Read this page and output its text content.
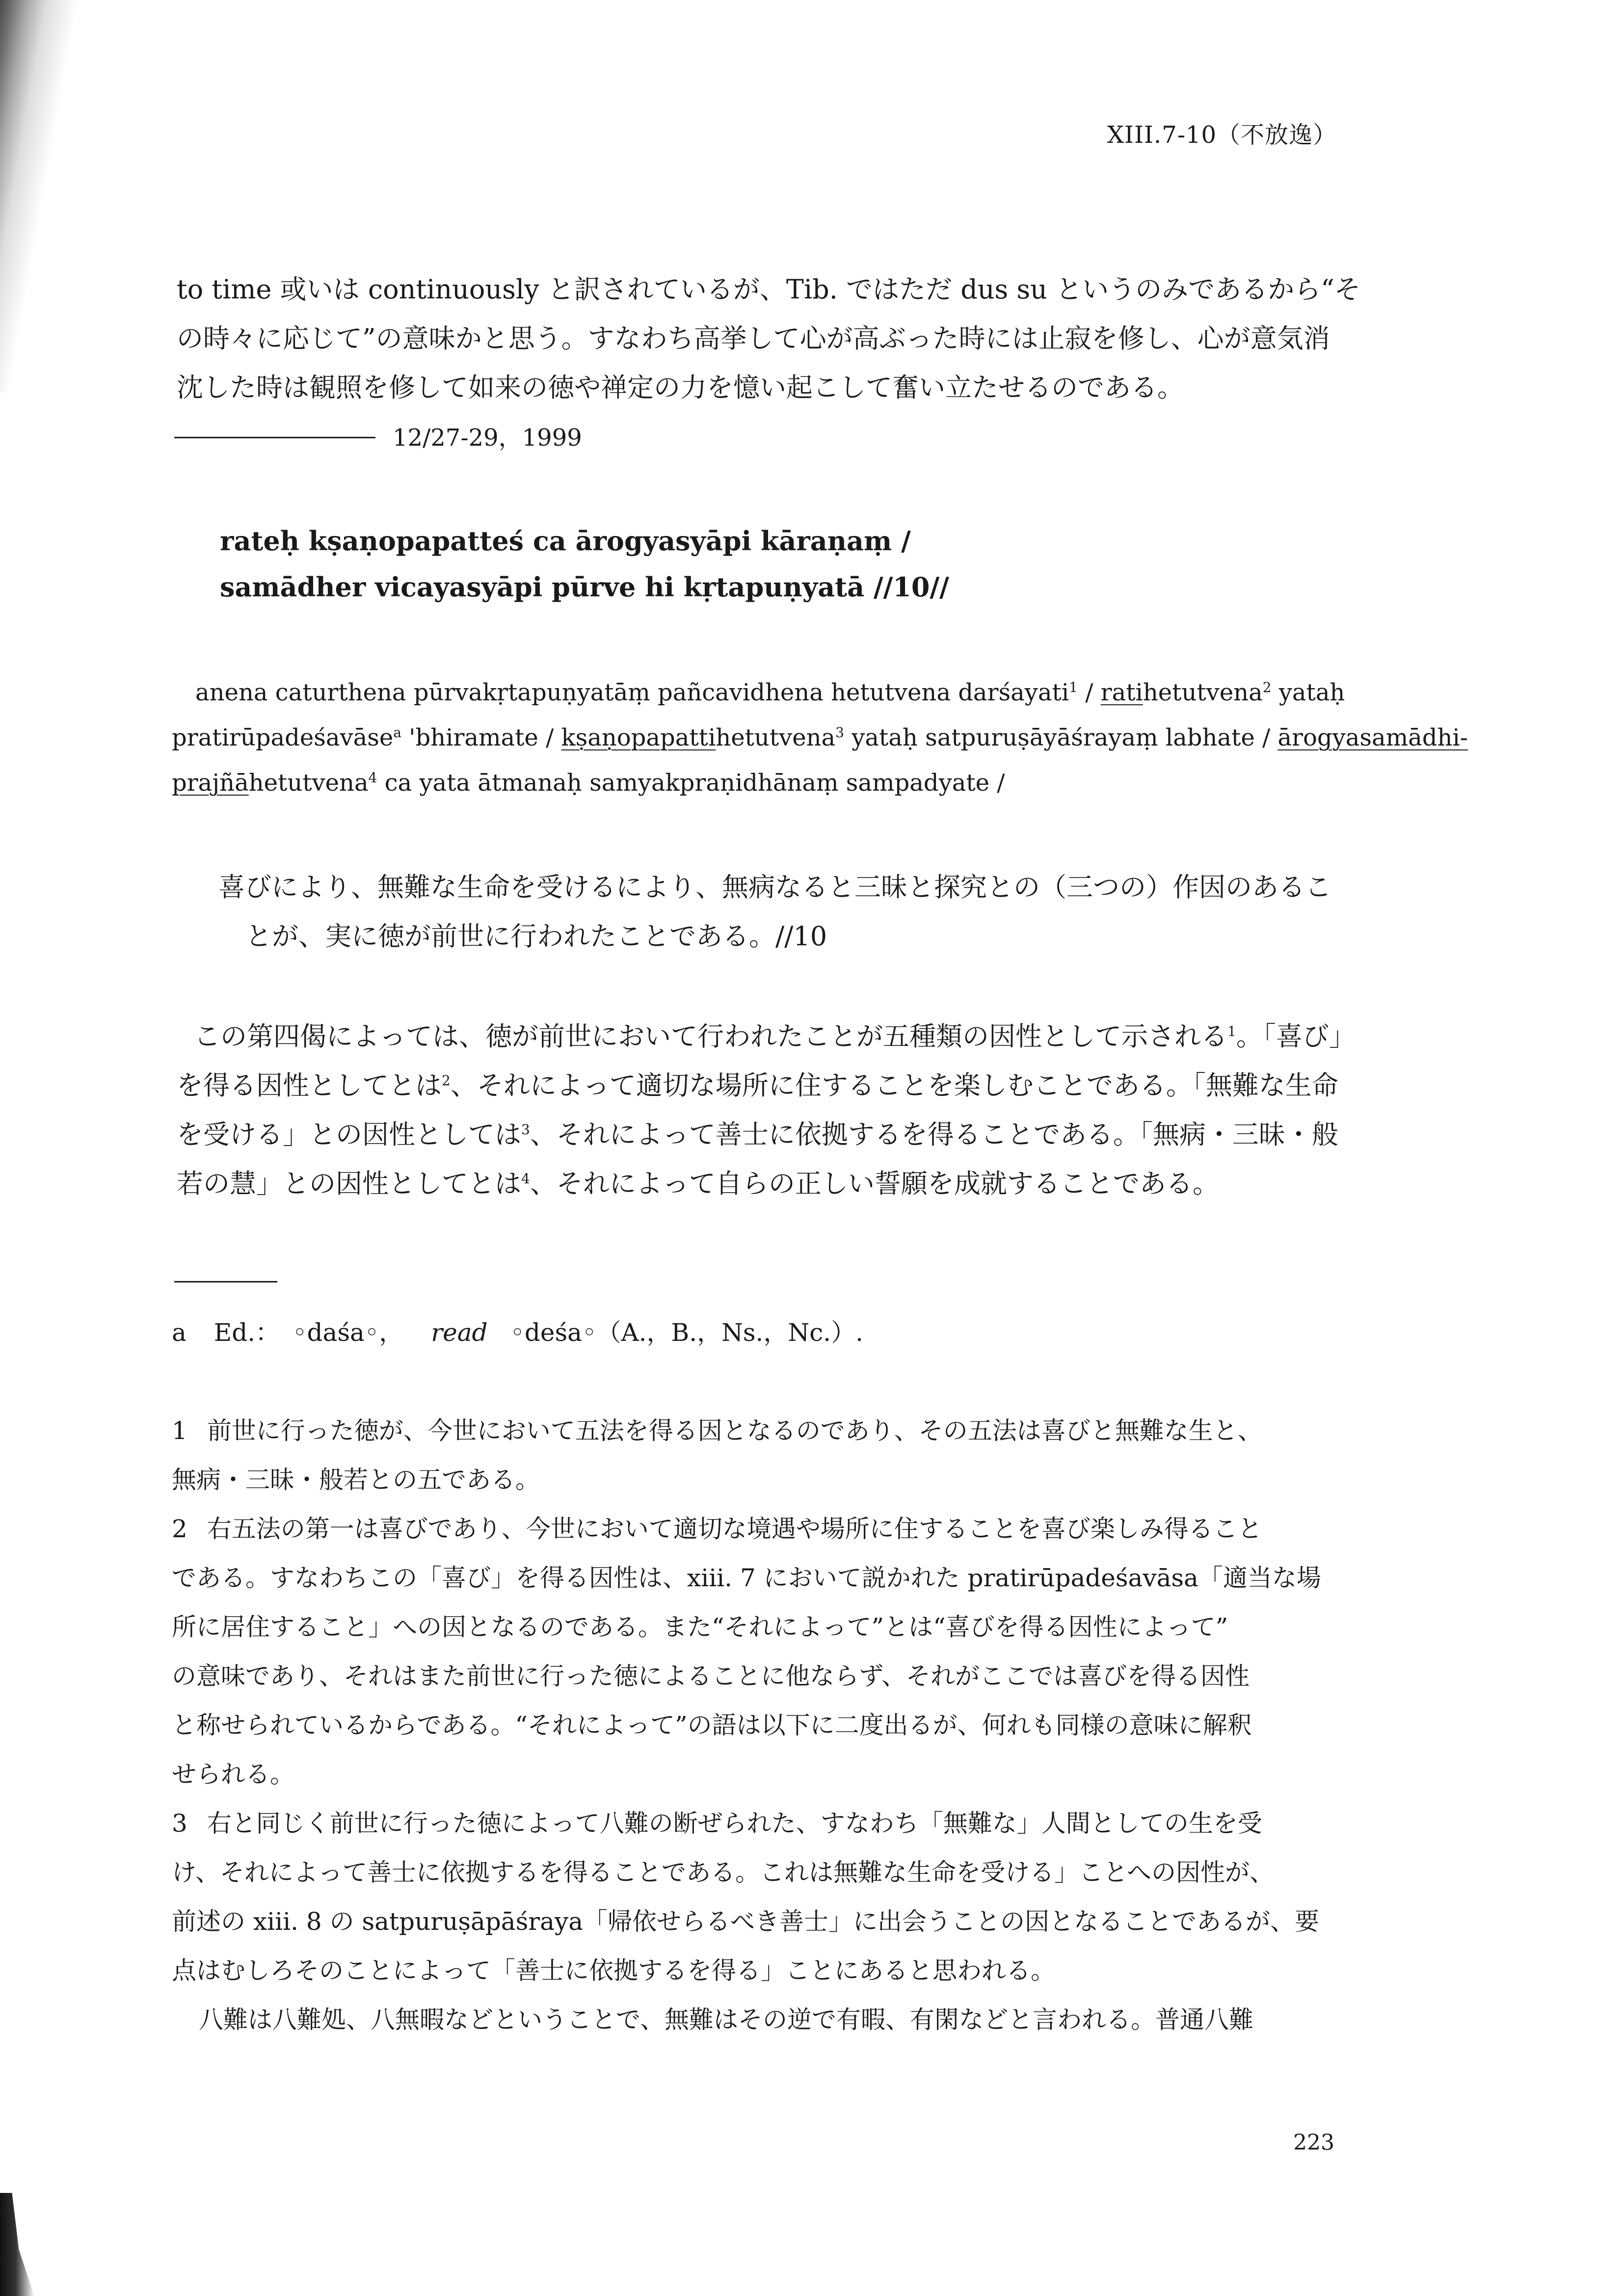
XIII.7-10（不放逸）
to time 或いは continuously と訳されているが、Tib. ではただ dus su というのみであるから“そ
の時々に応じて”の意味かと思う。すなわち高挙して心が高ぶった時には止寂を修し、心が意気消
沈した時は観照を修して如来の徳や禅定の力を憶い起こして奮い立たせるのである。
12/27-29，1999
rateḥ kṣaṇopapatteś ca ārogyasyāpi kāraṇaṃ /
samādher vicayasyāpi pūrve hi kṛtapuṇyatā //10//
anena caturthena pūrvakṛtapuṇyatāṃ pañcavidhena hetutvena darśayati$^1$ / ratihetutvena$^2$ yataḥ
pratirūpadeśavāse$^a$ 'bhiramate / kṣaṇopapattihetutvena$^3$ yataḥ satpuruṣāyāśrayaṃ labhate / ārogyasamādhi-
prajñāhetutvena$^4$ ca yata ātmanaḥ samyakpraṇidhānaṃ sampadyate /
喜びにより、無難な生命を受けるにより、無病なると三昧と探究との（三つの）作因のあるこ
とが、実に徳が前世に行われたことである。//10
この第四偈によっては、徳が前世において行われたことが五種類の因性として示される$^1$。「喜び」
を得る因性としてとは$^2$、それによって適切な場所に住することを楽しむことである。「無難な生命
を受ける」との因性としては$^3$、それによって善士に依拠するを得ることである。「無病・三昧・般
若の慧」との因性としてとは$^4$、それによって自らの正しい誓願を成就することである。
a Ed.： ◦daśa◦， read ◦deśa◦（A.，B.，Ns.，Nc.）.
1 前世に行った徳が、今世において五法を得る因となるのであり、その五法は喜びと無難な生と、
無病・三昧・般若との五である。
2 右五法の第一は喜びであり、今世において適切な境遇や場所に住することを喜び楽しみ得ること
である。すなわちこの「喜び」を得る因性は、xiii. 7 において説かれた pratirūpadeśavāsa「適当な場
所に居住すること」への因となるのである。また“それによって”とは“喜びを得る因性によって”
の意味であり、それはまた前世に行った徳によることに他ならず、それがここでは喜びを得る因性
と称せられているからである。“それによって”の語は以下に二度出るが、何れも同様の意味に解釈
せられる。
3 右と同じく前世に行った徳によって八難の断ぜられた、すなわち「無難な」人間としての生を受
け、それによって善士に依拠するを得ることである。これは無難な生命を受ける」ことへの因性が、
前述の xiii. 8 の satpuruṣāpāśraya「帰依せらるべき善士」に出会うことの因となることであるが、要
点はむしろそのことによって「善士に依拠するを得る」ことにあると思われる。
八難は八難処、八無暇などということで、無難はその逆で有暇、有閑などと言われる。普通八難
223
